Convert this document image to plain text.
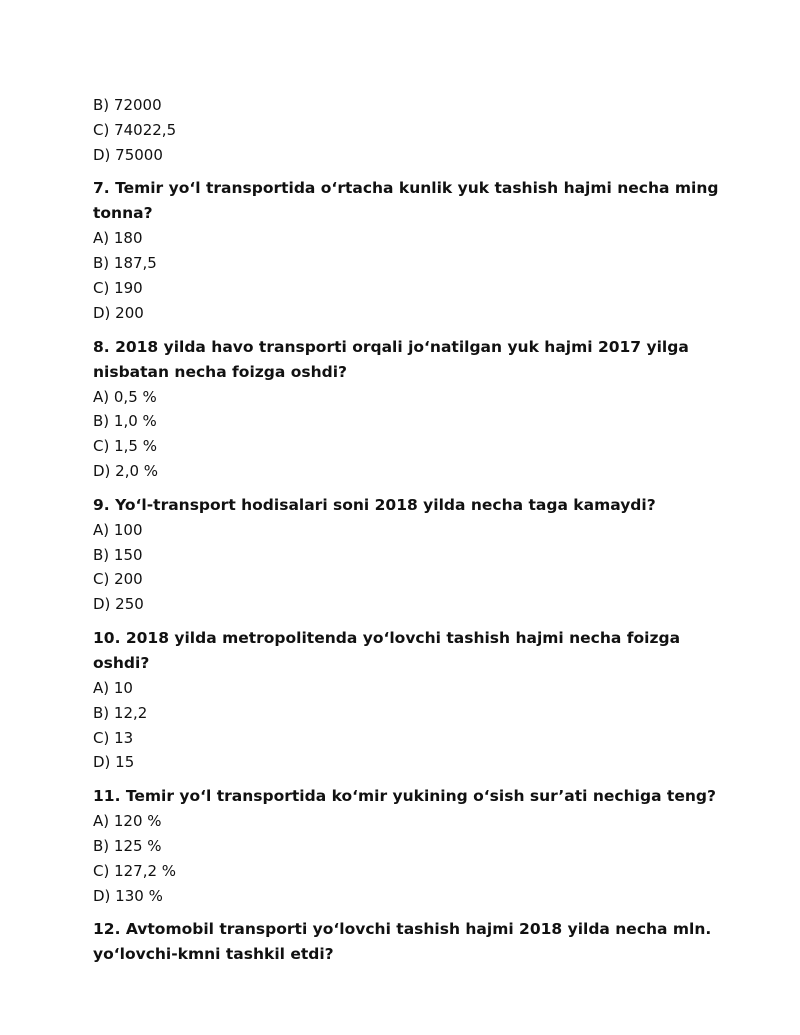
B) 72000
C) 74022,5
D) 75000
7. Temir yo‘l transportida o‘rtacha kunlik yuk tashish hajmi necha ming tonna?
A) 180
B) 187,5
C) 190
D) 200
8. 2018 yilda havo transporti orqali jo‘natilgan yuk hajmi 2017 yilga nisbatan necha foizga oshdi?
A) 0,5 %
B) 1,0 %
C) 1,5 %
D) 2,0 %
9. Yo‘l-transport hodisalari soni 2018 yilda necha taga kamaydi?
A) 100
B) 150
C) 200
D) 250
10. 2018 yilda metropolitenda yo‘lovchi tashish hajmi necha foizga oshdi?
A) 10
B) 12,2
C) 13
D) 15
11. Temir yo‘l transportida ko‘mir yukining o‘sish sur’ati nechiga teng?
A) 120 %
B) 125 %
C) 127,2 %
D) 130 %
12. Avtomobil transporti yo‘lovchi tashish hajmi 2018 yilda necha mln. yo‘lovchi-kmni tashkil etdi?
